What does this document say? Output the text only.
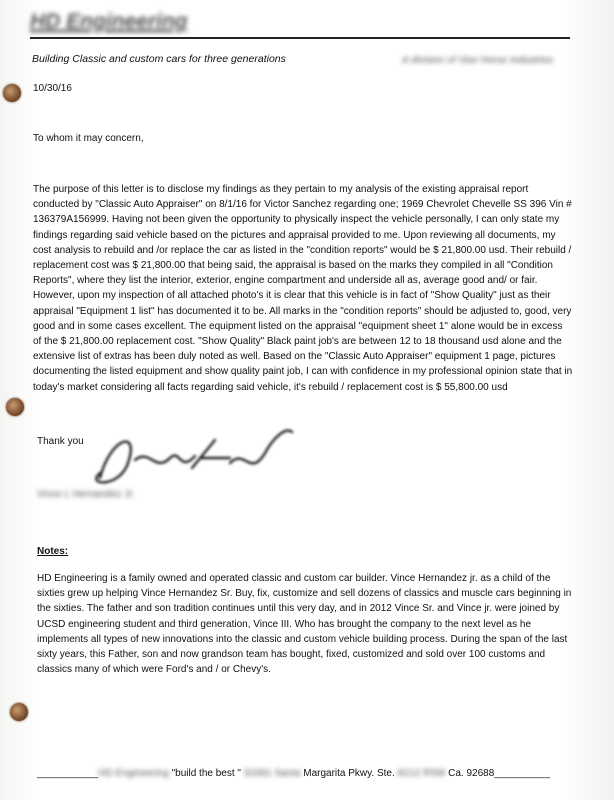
HD Engineering
Building Classic and custom cars for three generations	A division of Vise Horse Industries
10/30/16
To whom it may concern,
The purpose of this letter is to disclose my findings as they pertain to my analysis of the existing appraisal report conducted by "Classic Auto Appraiser" on 8/1/16 for Victor Sanchez regarding one; 1969 Chevrolet Chevelle SS 396 Vin # 136379A156999. Having not been given the opportunity to physically inspect the vehicle personally, I can only state my findings regarding said vehicle based on the pictures and appraisal provided to me. Upon reviewing all documents, my cost analysis to rebuild and /or replace the car as listed in the "condition reports" would be $ 21,800.00 usd. Their rebuild / replacement cost was $ 21,800.00 that being said, the appraisal is based on the marks they compiled in all "Condition Reports", where they list the interior, exterior, engine compartment and underside all as, average good and/ or fair. However, upon my inspection of all attached photo's it is clear that this vehicle is in fact of "Show Quality" just as their appraisal "Equipment 1 list" has documented it to be. All marks in the "condition reports" should be adjusted to, good, very good and in some cases excellent. The equipment listed on the appraisal "equipment sheet 1" alone would be in excess of the $ 21,800.00 replacement cost. "Show Quality" Black paint job's are between 12 to 18 thousand usd alone and the extensive list of extras has been duly noted as well. Based on the "Classic Auto Appraiser" equipment 1 page, pictures documenting the listed equipment and show quality paint job, I can with confidence in my professional opinion state that in today's market considering all facts regarding said vehicle, it's rebuild / replacement cost is $ 55,800.00 usd
Thank you
Vince L Hernandez Jr.
Notes:
HD Engineering is a family owned and operated classic and custom car builder. Vince Hernandez jr. as a child of the sixties grew up helping Vince Hernandez Sr. Buy, fix, customize and sell dozens of classics and muscle cars beginning in the sixties. The father and son tradition continues until this very day, and in 2012 Vince Sr. and Vince jr. were joined by UCSD engineering student and third generation, Vince III. Who has brought the company to the next level as he implements all types of new innovations into the classic and custom vehicle building process. During the span of the last sixty years, this Father, son and now grandson team has bought, fixed, customized and sold over 100 customs and classics many of which were Ford's and / or Chevy's.
___________HD Engineering "build the best " 31691 Santa Margarita Pkwy. Ste. A212 RSM Ca. 92688__________
